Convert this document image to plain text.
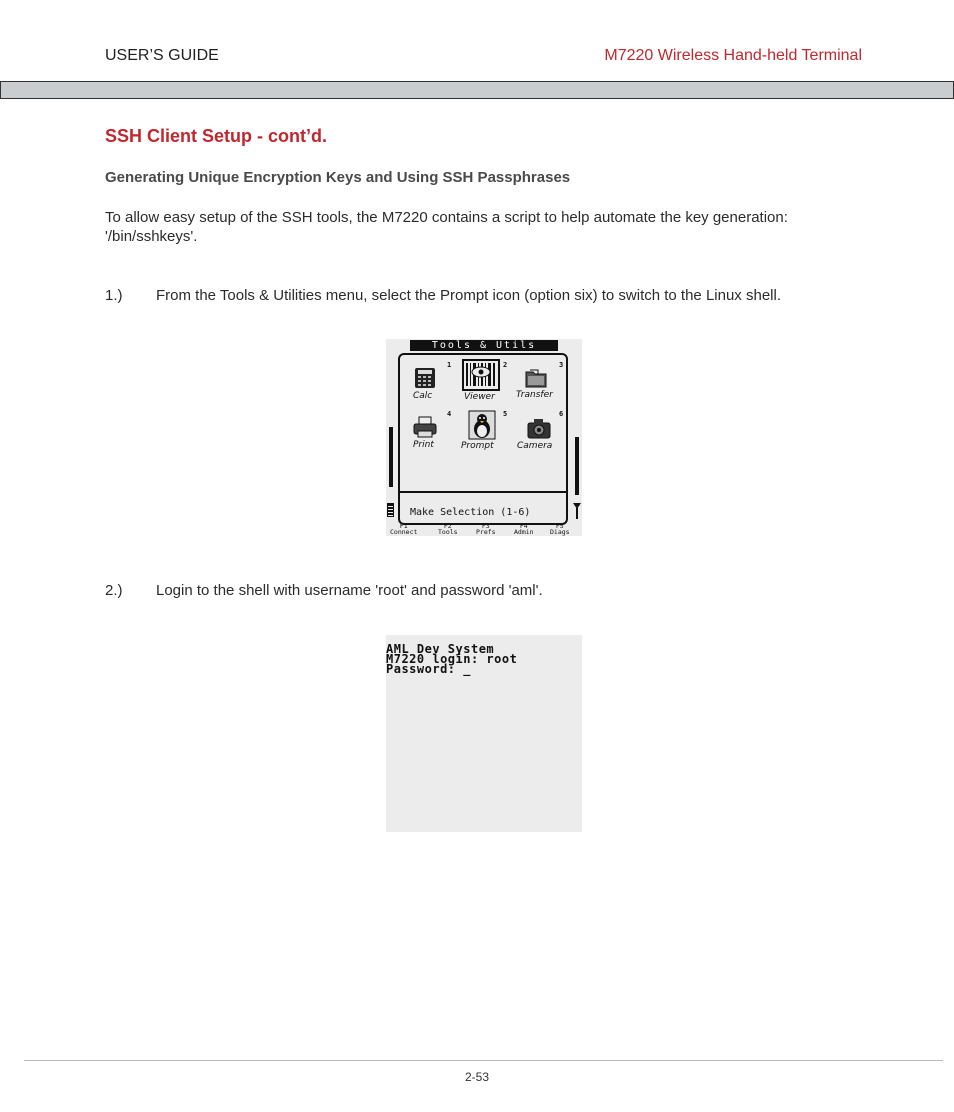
USER’S GUIDE	M7220 Wireless Hand-held Terminal
SSH Client Setup - cont’d.
Generating Unique Encryption Keys and Using SSH Passphrases
To allow easy setup of the SSH tools, the M7220 contains a script to help automate the key generation: '/bin/sshkeys'.
1.) From the Tools & Utilities menu, select the Prompt icon (option six) to switch to the Linux shell.
Tools & Utils
1
Calc
2
Viewer
3
Transfer
4
Print
5
Prompt
6
Camera
Make Selection (1-6)
F1
Connect
F2
Tools
F3
Prefs
F4
Admin
F5
Diags
2.) Login to the shell with username 'root' and password 'aml'.
AML Dev System
M7220 login: root
Password: _
2-53
